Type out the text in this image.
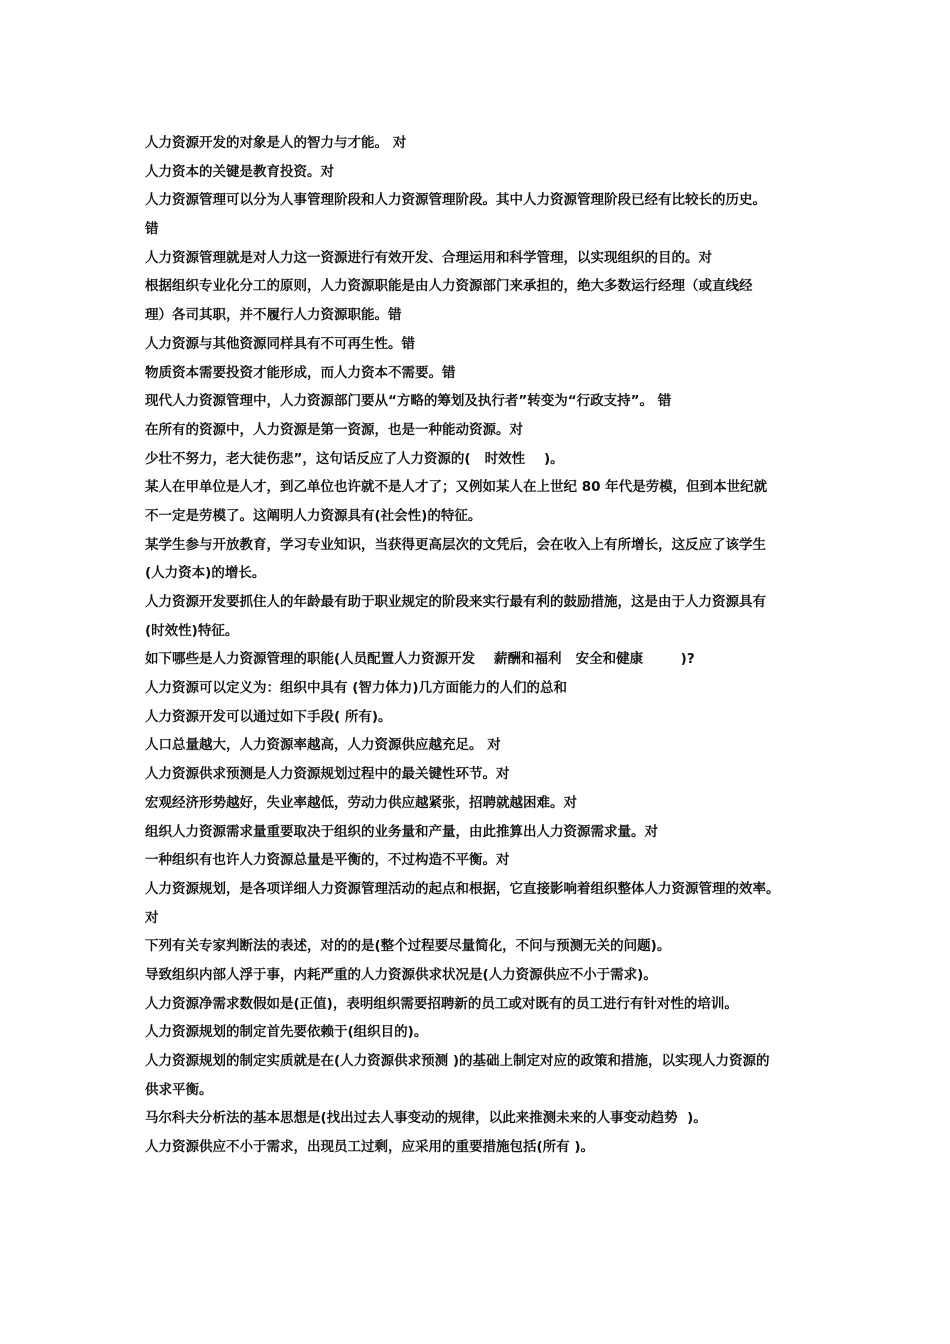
人力资源开发的对象是人的智力与才能。 对
人力资本的关键是教育投资。对
人力资源管理可以分为人事管理阶段和人力资源管理阶段。其中人力资源管理阶段已经有比较长的历史。
错
人力资源管理就是对人力这一资源进行有效开发、合理运用和科学管理，以实现组织的目的。对
根据组织专业化分工的原则，人力资源职能是由人力资源部门来承担的，绝大多数运行经理（或直线经
理）各司其职，并不履行人力资源职能。错
人力资源与其他资源同样具有不可再生性。错
物质资本需要投资才能形成，而人力资本不需要。错
现代人力资源管理中，人力资源部门要从“方略的筹划及执行者”转变为“行政支持”。 错
在所有的资源中，人力资源是第一资源，也是一种能动资源。对
少壮不努力，老大徒伤悲”，这句话反应了人力资源的(   时效性    )。
某人在甲单位是人才，到乙单位也许就不是人才了；又例如某人在上世纪 80 年代是劳模，但到本世纪就
不一定是劳模了。这阐明人力资源具有(社会性)的特征。
某学生参与开放教育，学习专业知识，当获得更高层次的文凭后，会在收入上有所增长，这反应了该学生
(人力资本)的增长。
人力资源开发要抓住人的年龄最有助于职业规定的阶段来实行最有利的鼓励措施，这是由于人力资源具有
(时效性)特征。
如下哪些是人力资源管理的职能(人员配置人力资源开发    薪酬和福利   安全和健康        )?
人力资源可以定义为：组织中具有 (智力体力)几方面能力的人们的总和
人力资源开发可以通过如下手段( 所有)。
人口总量越大，人力资源率越高，人力资源供应越充足。 对
人力资源供求预测是人力资源规划过程中的最关键性环节。对
宏观经济形势越好，失业率越低，劳动力供应越紧张，招聘就越困难。对
组织人力资源需求量重要取决于组织的业务量和产量，由此推算出人力资源需求量。对
一种组织有也许人力资源总量是平衡的，不过构造不平衡。对
人力资源规划，是各项详细人力资源管理活动的起点和根据，它直接影响着组织整体人力资源管理的效率。
对
下列有关专家判断法的表述，对的的是(整个过程要尽量简化，不问与预测无关的问题)。
导致组织内部人浮于事，内耗严重的人力资源供求状况是(人力资源供应不小于需求)。
人力资源净需求数假如是(正值)，表明组织需要招聘新的员工或对既有的员工进行有针对性的培训。
人力资源规划的制定首先要依赖于(组织目的)。
人力资源规划的制定实质就是在(人力资源供求预测 )的基础上制定对应的政策和措施，以实现人力资源的
供求平衡。
马尔科夫分析法的基本思想是(找出过去人事变动的规律，以此来推测未来的人事变动趋势  )。
人力资源供应不小于需求，出现员工过剩，应采用的重要措施包括(所有 )。
